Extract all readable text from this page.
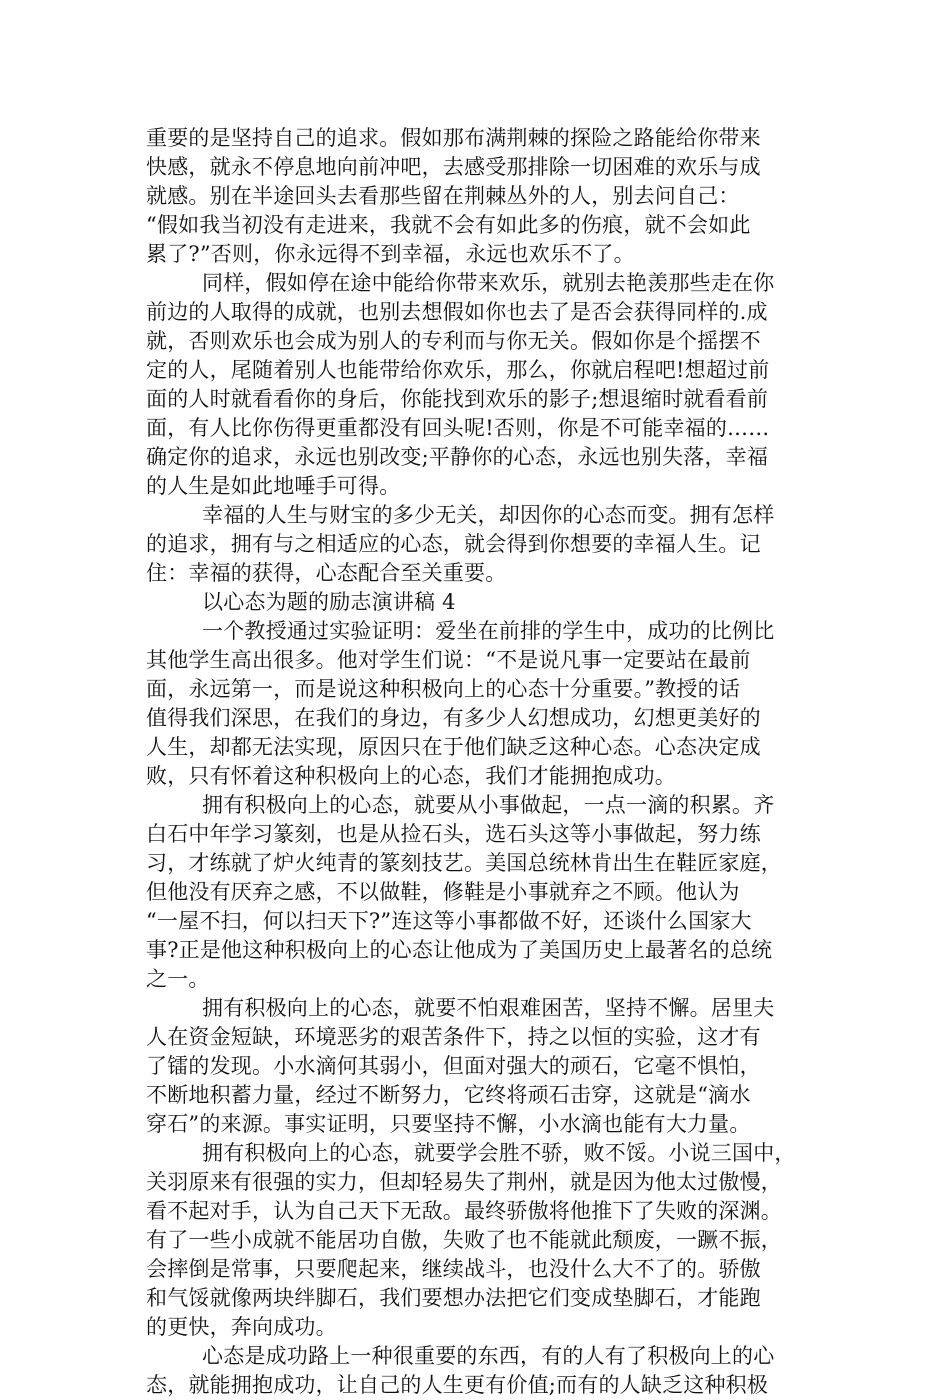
重要的是坚持自己的追求。假如那布满荆棘的探险之路能给你带来
快感，就永不停息地向前冲吧，去感受那排除一切困难的欢乐与成
就感。别在半途回头去看那些留在荆棘丛外的人，别去问自己：
“假如我当初没有走进来，我就不会有如此多的伤痕，就不会如此
累了?”否则，你永远得不到幸福，永远也欢乐不了。
同样，假如停在途中能给你带来欢乐，就别去艳羡那些走在你
前边的人取得的成就，也别去想假如你也去了是否会获得同样的.成
就，否则欢乐也会成为别人的专利而与你无关。假如你是个摇摆不
定的人，尾随着别人也能带给你欢乐，那么，你就启程吧!想超过前
面的人时就看看你的身后，你能找到欢乐的影子;想退缩时就看看前
面，有人比你伤得更重都没有回头呢!否则，你是不可能幸福的……
确定你的追求，永远也别改变;平静你的心态，永远也别失落，幸福
的人生是如此地唾手可得。
幸福的人生与财宝的多少无关，却因你的心态而变。拥有怎样
的追求，拥有与之相适应的心态，就会得到你想要的幸福人生。记
住：幸福的获得，心态配合至关重要。
以心态为题的励志演讲稿 4
一个教授通过实验证明：爱坐在前排的学生中，成功的比例比
其他学生高出很多。他对学生们说：“不是说凡事一定要站在最前
面，永远第一，而是说这种积极向上的心态十分重要。”教授的话
值得我们深思，在我们的身边，有多少人幻想成功，幻想更美好的
人生，却都无法实现，原因只在于他们缺乏这种心态。心态决定成
败，只有怀着这种积极向上的心态，我们才能拥抱成功。
拥有积极向上的心态，就要从小事做起，一点一滴的积累。齐
白石中年学习篆刻，也是从捡石头，选石头这等小事做起，努力练
习，才练就了炉火纯青的篆刻技艺。美国总统林肯出生在鞋匠家庭，
但他没有厌弃之感，不以做鞋，修鞋是小事就弃之不顾。他认为
“一屋不扫，何以扫天下?”连这等小事都做不好，还谈什么国家大
事?正是他这种积极向上的心态让他成为了美国历史上最著名的总统
之一。
拥有积极向上的心态，就要不怕艰难困苦，坚持不懈。居里夫
人在资金短缺，环境恶劣的艰苦条件下，持之以恒的实验，这才有
了镭的发现。小水滴何其弱小，但面对强大的顽石，它毫不惧怕，
不断地积蓄力量，经过不断努力，它终将顽石击穿，这就是“滴水
穿石”的来源。事实证明，只要坚持不懈，小水滴也能有大力量。
拥有积极向上的心态，就要学会胜不骄，败不馁。小说三国中，
关羽原来有很强的实力，但却轻易失了荆州，就是因为他太过傲慢，
看不起对手，认为自己天下无敌。最终骄傲将他推下了失败的深渊。
有了一些小成就不能居功自傲，失败了也不能就此颓废，一蹶不振，
会摔倒是常事，只要爬起来，继续战斗，也没什么大不了的。骄傲
和气馁就像两块绊脚石，我们要想办法把它们变成垫脚石，才能跑
的更快，奔向成功。
心态是成功路上一种很重要的东西，有的人有了积极向上的心
态，就能拥抱成功，让自己的人生更有价值;而有的人缺乏这种积极
